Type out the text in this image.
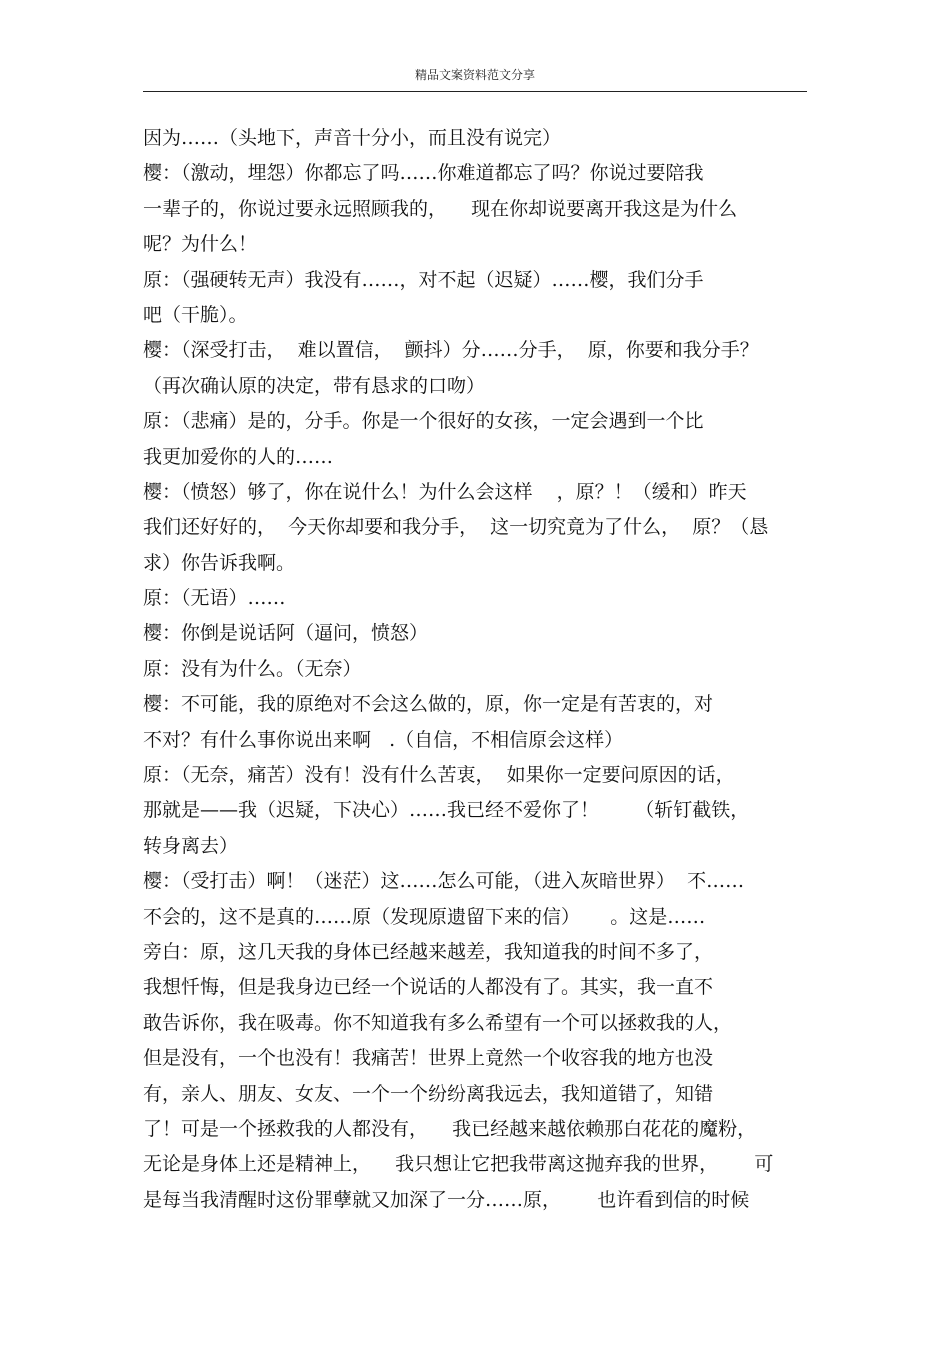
精品文案资料范文分享
因为……（头地下，声音十分小，而且没有说完）
樱：（激动，埋怨）你都忘了吗……你难道都忘了吗？你说过要陪我
一辈子的，你说过要永远照顾我的，    现在你却说要离开我这是为什么
呢？为什么！
原：（强硬转无声）我没有……，对不起（迟疑）……樱，我们分手
吧（干脆）。
樱：（深受打击，  难以置信，  颤抖）分……分手，  原，你要和我分手？
（再次确认原的决定，带有恳求的口吻）
原：（悲痛）是的，分手。你是一个很好的女孩，一定会遇到一个比
我更加爱你的人的……
樱：（愤怒）够了，你在说什么！为什么会这样    ，原？！（缓和）昨天
我们还好好的，  今天你却要和我分手，  这一切究竟为了什么，  原？（恳
求）你告诉我啊。
原：（无语）……
樱：你倒是说话阿（逼问，愤怒）
原：没有为什么。（无奈）
樱：不可能，我的原绝对不会这么做的，原，你一定是有苦衷的，对
不对？有什么事你说出来啊   .（自信，不相信原会这样）
原：（无奈，痛苦）没有！没有什么苦衷，  如果你一定要问原因的话，
那就是——我（迟疑，下决心）……我已经不爱你了！      （斩钉截铁，
转身离去）
樱：（受打击）啊！（迷茫）这……怎么可能，（进入灰暗世界）  不……
不会的，这不是真的……原（发现原遗留下来的信）     。这是……
旁白：原，这几天我的身体已经越来越差，我知道我的时间不多了，
我想忏悔，但是我身边已经一个说话的人都没有了。其实，我一直不
敢告诉你，我在吸毒。你不知道我有多么希望有一个可以拯救我的人，
但是没有，一个也没有！我痛苦！世界上竟然一个收容我的地方也没
有，亲人、朋友、女友、一个一个纷纷离我远去，我知道错了，知错
了！可是一个拯救我的人都没有，    我已经越来越依赖那白花花的魔粉，
无论是身体上还是精神上，    我只想让它把我带离这抛弃我的世界，      可
是每当我清醒时这份罪孽就又加深了一分……原，      也许看到信的时候
